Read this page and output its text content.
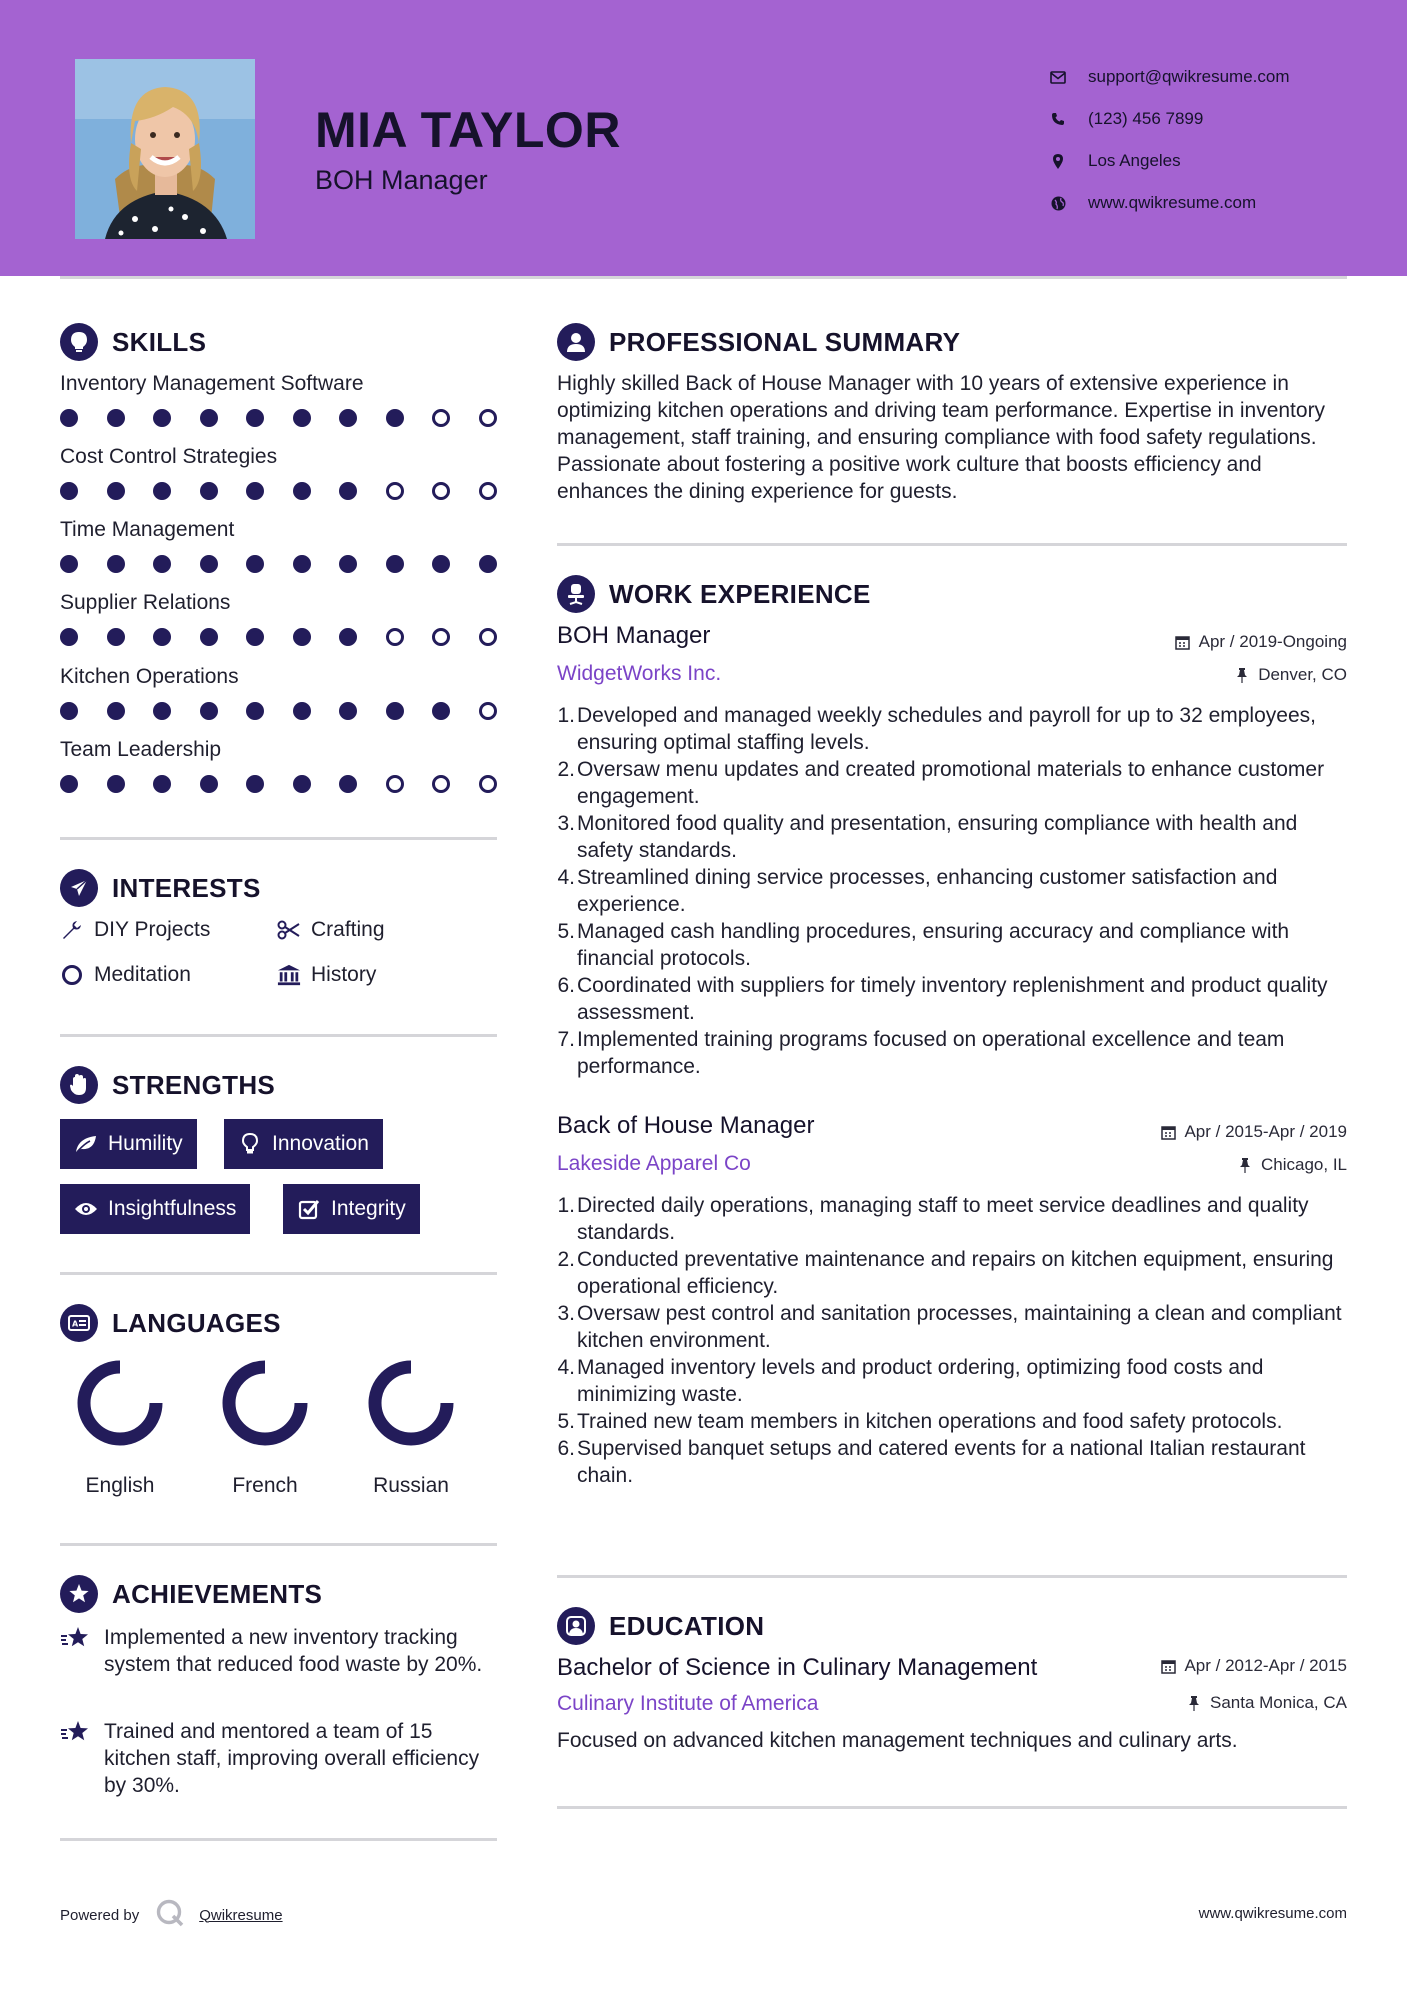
MIA TAYLOR
BOH Manager
support@qwikresume.com
(123) 456 7899
Los Angeles
www.qwikresume.com
SKILLS
Inventory Management Software
Cost Control Strategies
Time Management
Supplier Relations
Kitchen Operations
Team Leadership
INTERESTS
DIY Projects	Crafting
Meditation	History
STRENGTHS
Humility	Innovation
Insightfulness	Integrity
A LANGUAGES
English	French	Russian
ACHIEVEMENTS
Implemented a new inventory tracking system that reduced food waste by 20%.
Trained and mentored a team of 15 kitchen staff, improving overall efficiency by 30%.
PROFESSIONAL SUMMARY
Highly skilled Back of House Manager with 10 years of extensive experience in optimizing kitchen operations and driving team performance. Expertise in inventory management, staff training, and ensuring compliance with food safety regulations. Passionate about fostering a positive work culture that boosts efficiency and enhances the dining experience for guests.
WORK EXPERIENCE
BOH Manager	Apr / 2019-Ongoing
WidgetWorks Inc.	Denver, CO
1. Developed and managed weekly schedules and payroll for up to 32 employees, ensuring optimal staffing levels.
2. Oversaw menu updates and created promotional materials to enhance customer engagement.
3. Monitored food quality and presentation, ensuring compliance with health and safety standards.
4. Streamlined dining service processes, enhancing customer satisfaction and experience.
5. Managed cash handling procedures, ensuring accuracy and compliance with financial protocols.
6. Coordinated with suppliers for timely inventory replenishment and product quality assessment.
7. Implemented training programs focused on operational excellence and team performance.
Back of House Manager	Apr / 2015-Apr / 2019
Lakeside Apparel Co	Chicago, IL
1. Directed daily operations, managing staff to meet service deadlines and quality standards.
2. Conducted preventative maintenance and repairs on kitchen equipment, ensuring operational efficiency.
3. Oversaw pest control and sanitation processes, maintaining a clean and compliant kitchen environment.
4. Managed inventory levels and product ordering, optimizing food costs and minimizing waste.
5. Trained new team members in kitchen operations and food safety protocols.
6. Supervised banquet setups and catered events for a national Italian restaurant chain.
EDUCATION
Bachelor of Science in Culinary Management	Apr / 2012-Apr / 2015
Culinary Institute of America	Santa Monica, CA
Focused on advanced kitchen management techniques and culinary arts.
Powered by	Qwikresume	www.qwikresume.com
